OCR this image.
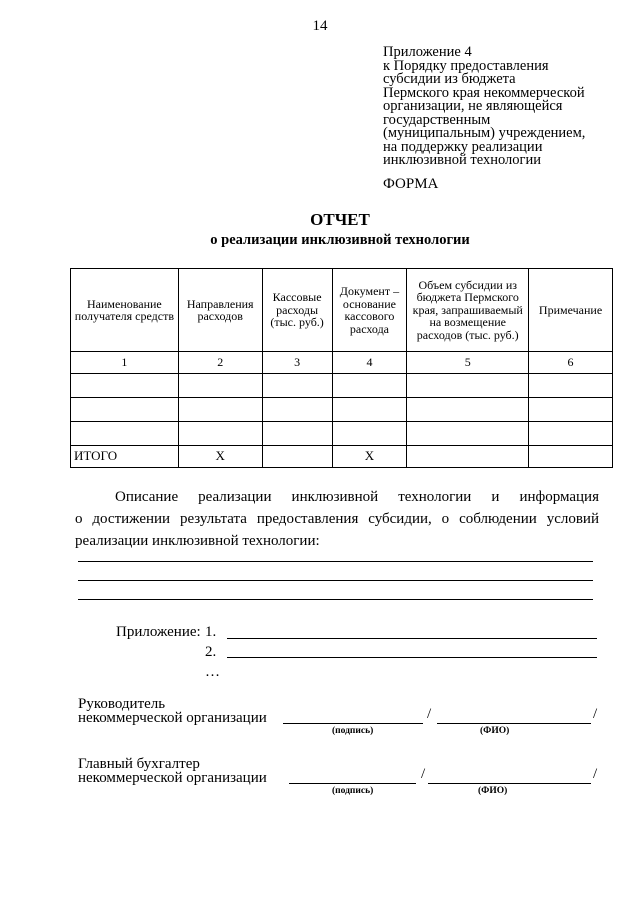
14
Приложение 4
к Порядку предоставления
субсидии из бюджета
Пермского края некоммерческой
организации, не являющейся
государственным
(муниципальным) учреждением,
на поддержку реализации
инклюзивной технологии
ФОРМА
ОТЧЕТ
о реализации инклюзивной технологии
Наименование получателя средств	Направления расходов	Кассовые расходы (тыс. руб.)	Документ – основание кассового расхода	Объем субсидии из бюджета Пермского края, запрашиваемый на возмещение расходов (тыс. руб.)	Примечание
1	2	3	4	5	6

ИТОГО	Х		Х		
Описание реализации инклюзивной технологии и информация
о достижении результата предоставления субсидии, о соблюдении условий
реализации инклюзивной технологии:
Приложение: 1.
2.
…
Руководитель
некоммерческой организации	/	/
(подпись)	(ФИО)
Главный бухгалтер
некоммерческой организации	/	/
(подпись)	(ФИО)
